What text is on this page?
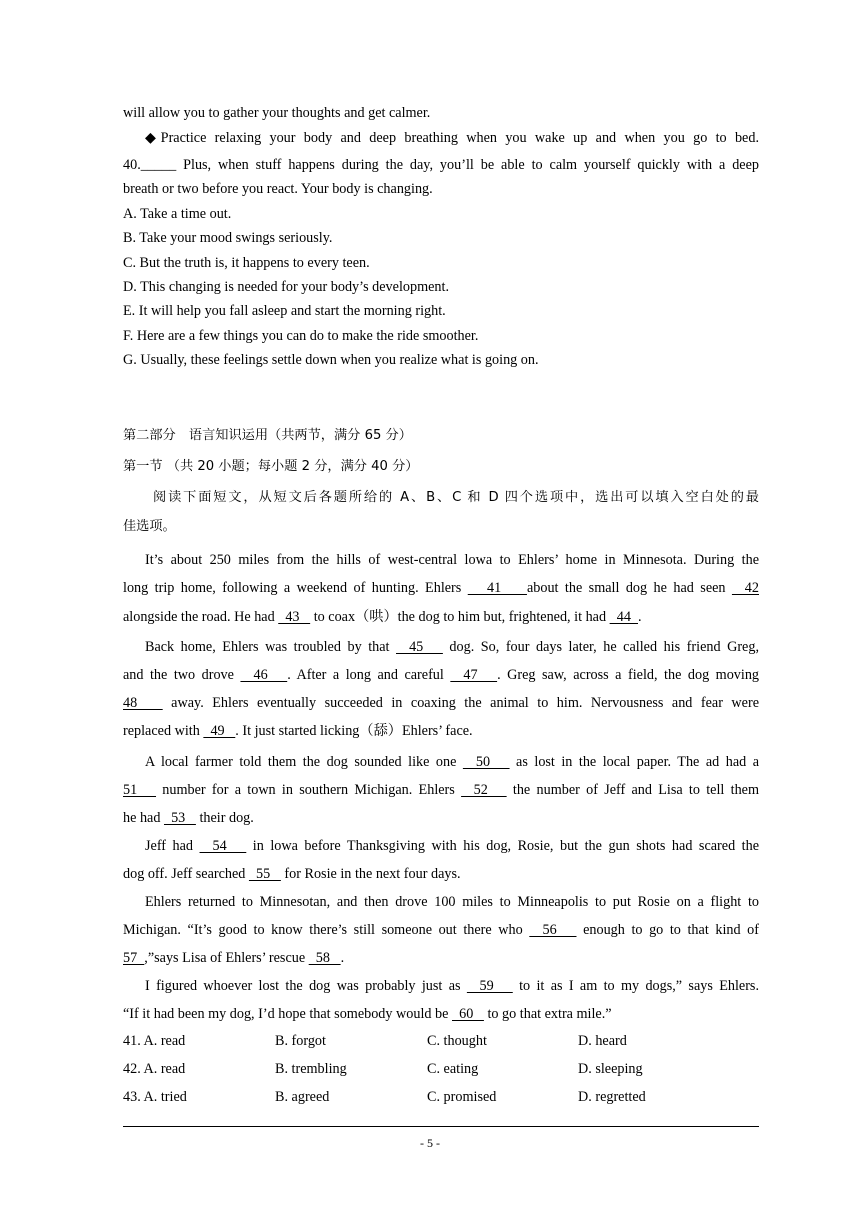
will allow you to gather your thoughts and get calmer.
◆Practice relaxing your body and deep breathing when you wake up and when you go to bed.
40._____ Plus, when stuff happens during the day, you’ll be able to calm yourself quickly with a deep
breath or two before you react. Your body is changing.
A. Take a time out.
B. Take your mood swings seriously.
C. But the truth is, it happens to every teen.
D. This changing is needed for your body’s development.
E. It will help you fall asleep and start the morning right.
F. Here are a few things you can do to make the ride smoother.
G. Usually, these feelings settle down when you realize what is going on.
第二部分　语言知识运用（共两节，满分 65 分）
第一节 （共 20 小题；每小题 2 分，满分 40 分）
阅读下面短文，从短文后各题所给的 A、B、C 和 D 四个选项中，选出可以填入空白处的最
佳选项。
It’s about 250 miles from the hills of west-central lowa to Ehlers’ home in Minnesota. During the
long trip home, following a weekend of hunting. Ehlers    41    about the small dog he had seen   42
alongside the road. He had   43    to coax（哄）the dog to him but, frightened, it had   44  .
Back home, Ehlers was troubled by that   45    dog. So, four days later, he called his friend Greg,
and the two drove   46   . After a long and careful   47   . Greg saw, across a field, the dog moving
48    away. Ehlers eventually succeeded in coaxing the animal to him. Nervousness and fear were
replaced with   49   . It just started licking（舔）Ehlers’ face.
A local farmer told them the dog sounded like one   50    as lost in the local paper. The ad had a
51    number for a town in southern Michigan. Ehlers   52    the number of Jeff and Lisa to tell them
he had   53    their dog.
Jeff had   54    in lowa before Thanksgiving with his dog, Rosie, but the gun shots had scared the
dog off. Jeff searched   55    for Rosie in the next four days.
Ehlers returned to Minnesotan, and then drove 100 miles to Minneapolis to put Rosie on a flight to
Michigan. “It’s good to know there’s still someone out there who   56    enough to go to that kind of
57  ,”says Lisa of Ehlers’ rescue   58   .
I figured whoever lost the dog was probably just as   59    to it as I am to my dogs,” says Ehlers.
“If it had been my dog, I’d hope that somebody would be   60    to go that extra mile.”
41. A. read	B. forgot	C. thought	D. heard
42. A. read	B. trembling	C. eating	D. sleeping
43. A. tried	B. agreed	C. promised	D. regretted
- 5 -
